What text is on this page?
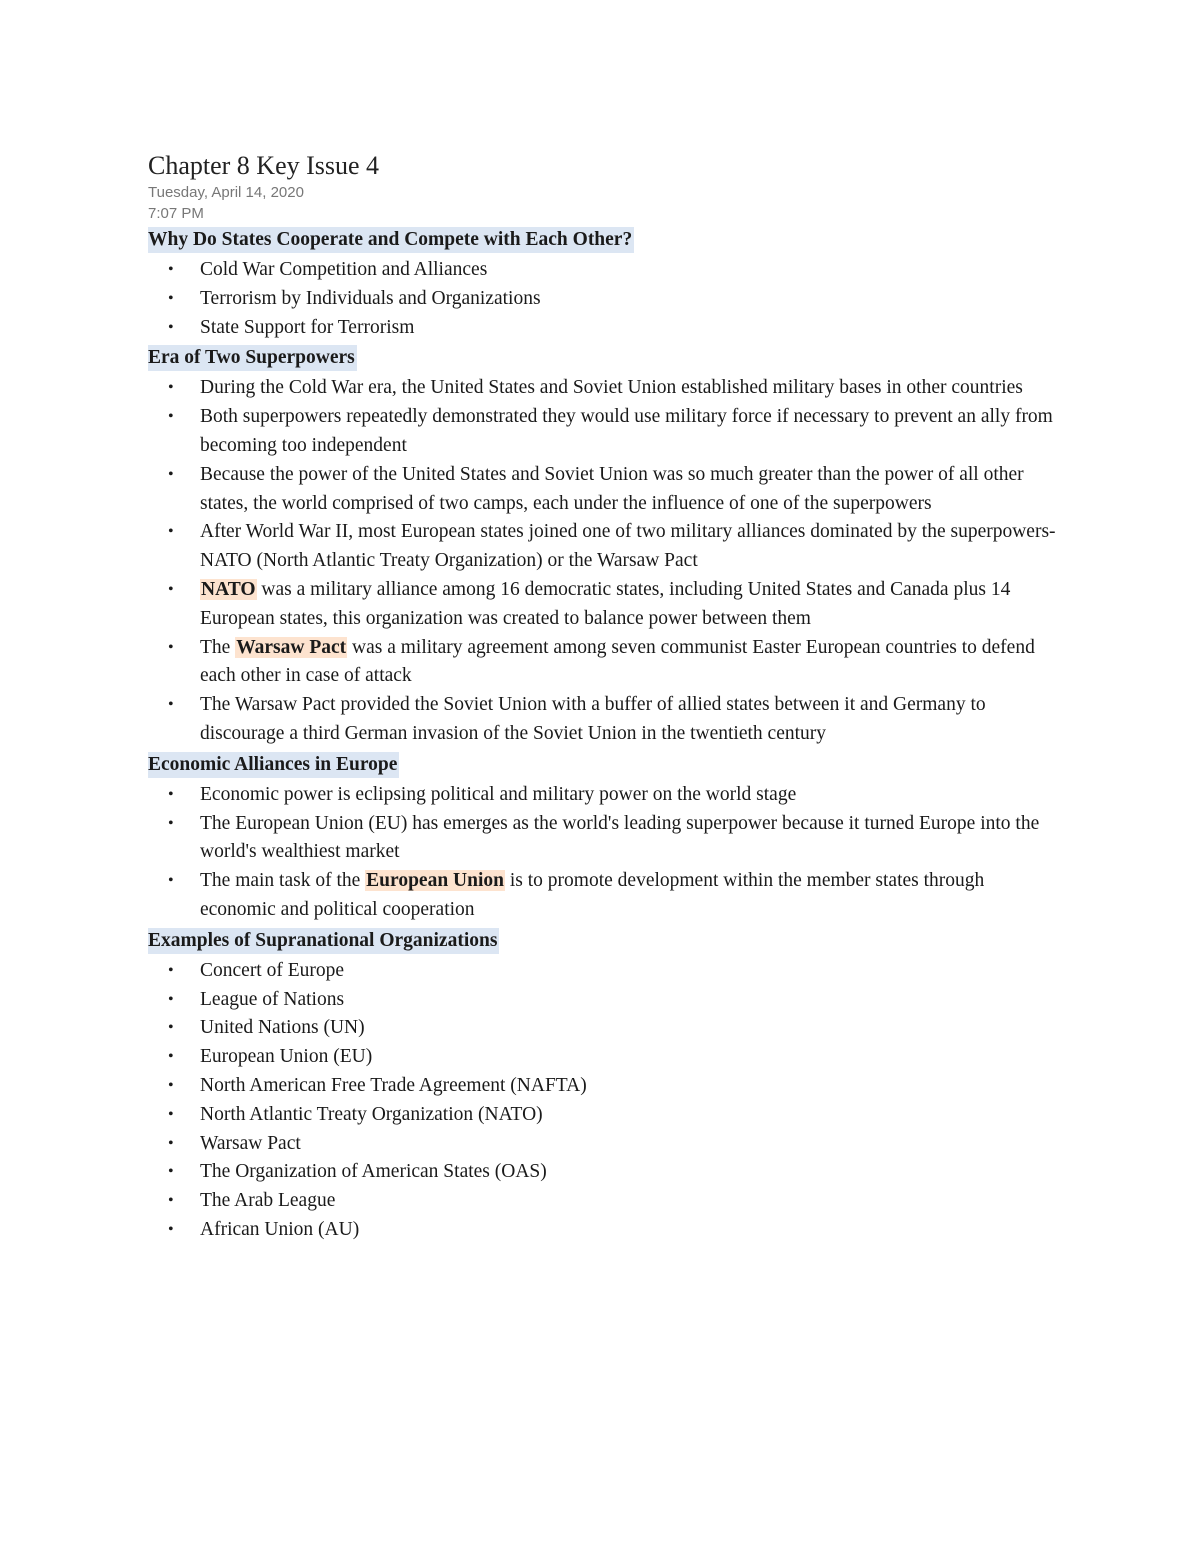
Chapter 8 Key Issue 4
Tuesday, April 14, 2020
7:07 PM
Why Do States Cooperate and Compete with Each Other?
• Cold War Competition and Alliances
• Terrorism by Individuals and Organizations
• State Support for Terrorism
Era of Two Superpowers
• During the Cold War era, the United States and Soviet Union established military bases in other countries
• Both superpowers repeatedly demonstrated they would use military force if necessary to prevent an ally from becoming too independent
• Because the power of the United States and Soviet Union was so much greater than the power of all other states, the world comprised of two camps, each under the influence of one of the superpowers
• After World War II, most European states joined one of two military alliances dominated by the superpowers-NATO (North Atlantic Treaty Organization) or the Warsaw Pact
• NATO was a military alliance among 16 democratic states, including United States and Canada plus 14 European states, this organization was created to balance power between them
• The Warsaw Pact was a military agreement among seven communist Easter European countries to defend each other in case of attack
• The Warsaw Pact provided the Soviet Union with a buffer of allied states between it and Germany to discourage a third German invasion of the Soviet Union in the twentieth century
Economic Alliances in Europe
• Economic power is eclipsing political and military power on the world stage
• The European Union (EU) has emerges as the world's leading superpower because it turned Europe into the world's wealthiest market
• The main task of the European Union is to promote development within the member states through economic and political cooperation
Examples of Supranational Organizations
• Concert of Europe
• League of Nations
• United Nations (UN)
• European Union (EU)
• North American Free Trade Agreement (NAFTA)
• North Atlantic Treaty Organization (NATO)
• Warsaw Pact
• The Organization of American States (OAS)
• The Arab League
• African Union (AU)
